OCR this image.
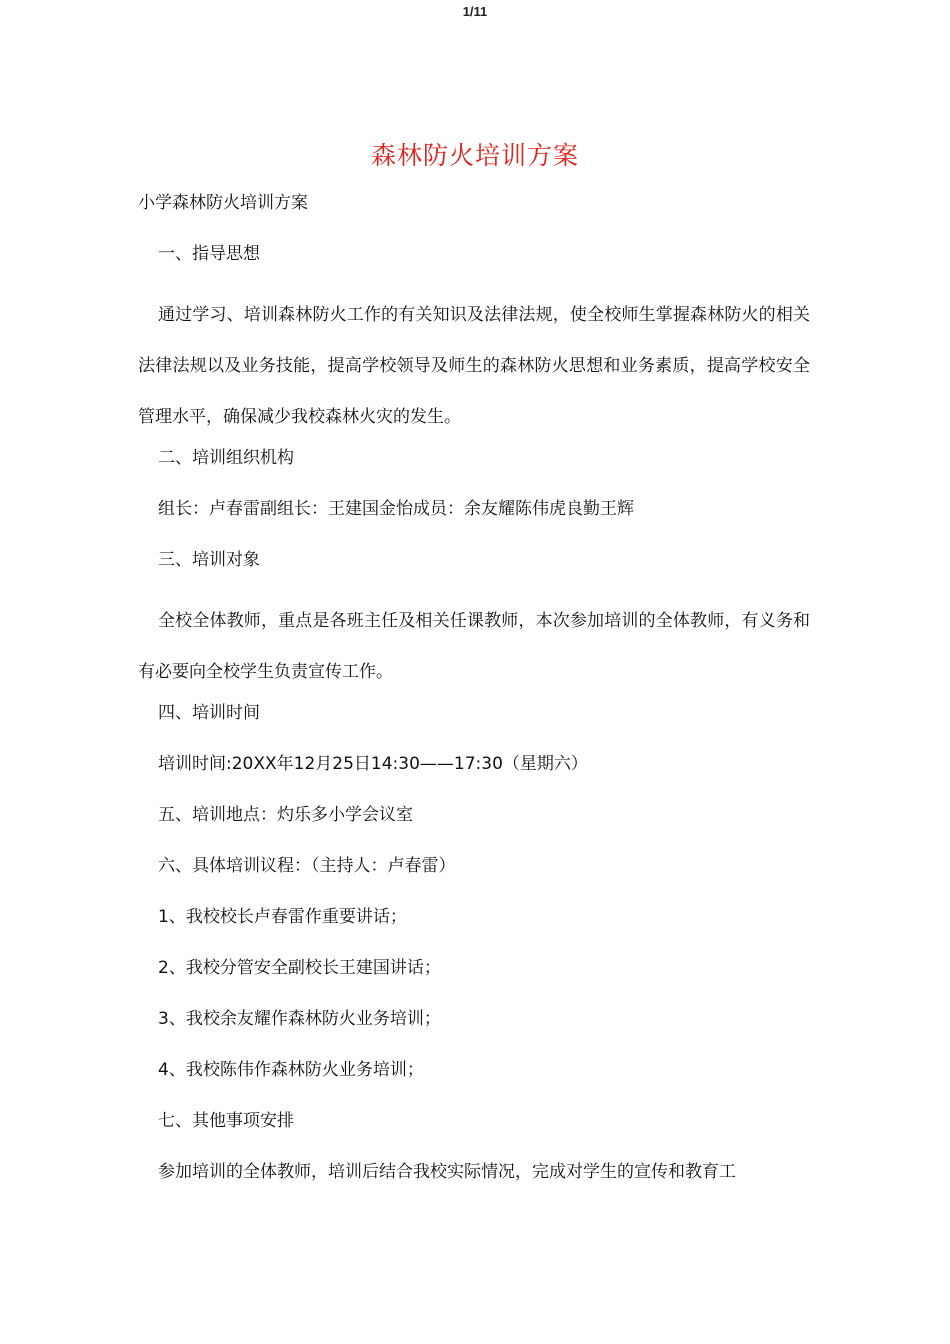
1/11
森林防火培训方案

小学森林防火培训方案

一、指导思想

通过学习、培训森林防火工作的有关知识及法律法规，使全校师生掌握森林防火的相关法律法规以及业务技能，提高学校领导及师生的森林防火思想和业务素质，提高学校安全管理水平，确保减少我校森林火灾的发生。

二、培训组织机构

组长：卢春雷副组长：王建国金怡成员：余友耀陈伟虎良勤王辉

三、培训对象

全校全体教师，重点是各班主任及相关任课教师，本次参加培训的全体教师，有义务和有必要向全校学生负责宣传工作。

四、培训时间

培训时间:20XX年12月25日14:30——17:30（星期六）

五、培训地点：灼乐多小学会议室

六、具体培训议程：（主持人：卢春雷）

1、我校校长卢春雷作重要讲话；

2、我校分管安全副校长王建国讲话；

3、我校余友耀作森林防火业务培训；

4、我校陈伟作森林防火业务培训；

七、其他事项安排

参加培训的全体教师，培训后结合我校实际情况，完成对学生的宣传和教育工
